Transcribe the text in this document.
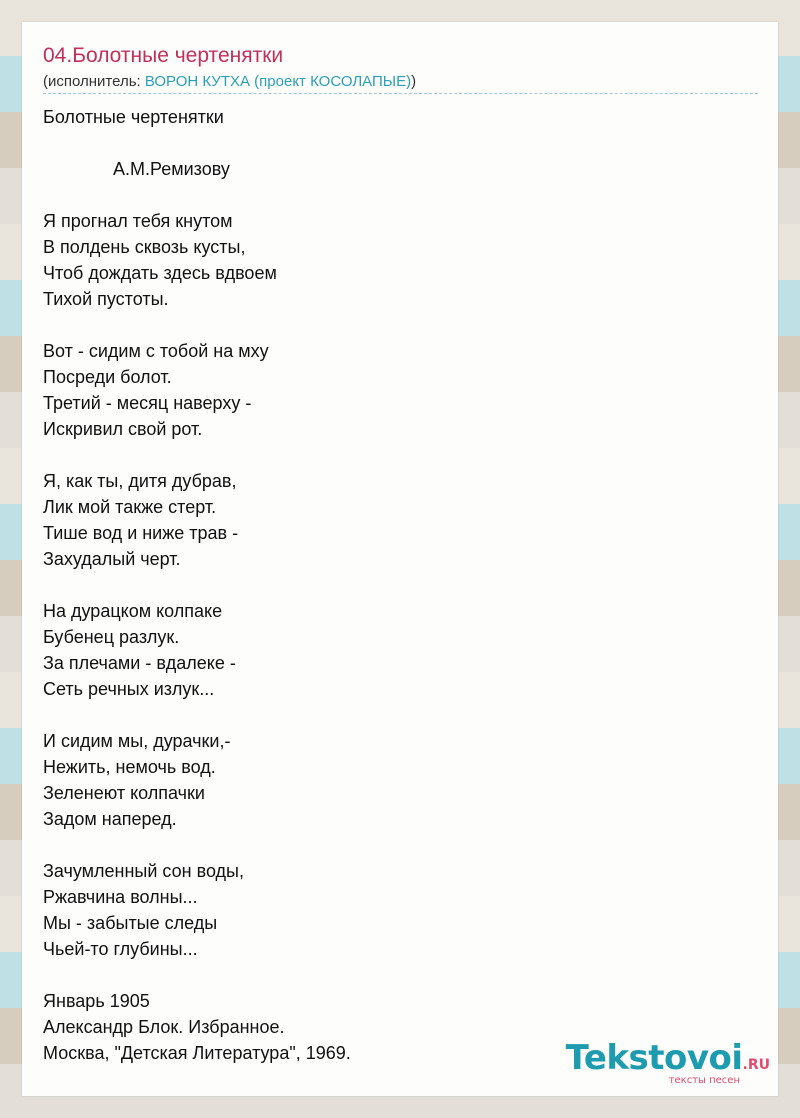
04.Болотные чертенятки
(исполнитель: ВОРОН КУТХА (проект КОСОЛАПЫЕ))
Болотные чертенятки
А.М.Ремизову
Я прогнал тебя кнутом
В полдень сквозь кусты,
Чтоб дождать здесь вдвоем
Тихой пустоты.
Вот - сидим с тобой на мху
Посреди болот.
Третий - месяц наверху -
Искривил свой рот.
Я, как ты, дитя дубрав,
Лик мой также стерт.
Тише вод и ниже трав -
Захудалый черт.
На дурацком колпаке
Бубенец разлук.
За плечами - вдалеке -
Сеть речных излук...
И сидим мы, дурачки,-
Нежить, немочь вод.
Зеленеют колпачки
Задом наперед.
Зачумленный сон воды,
Ржавчина волны...
Мы - забытые следы
Чьей-то глубины...
Январь 1905
Александр Блок. Избранное.
Москва, "Детская Литература", 1969.	Tekstovoi.RU
тексты песен
